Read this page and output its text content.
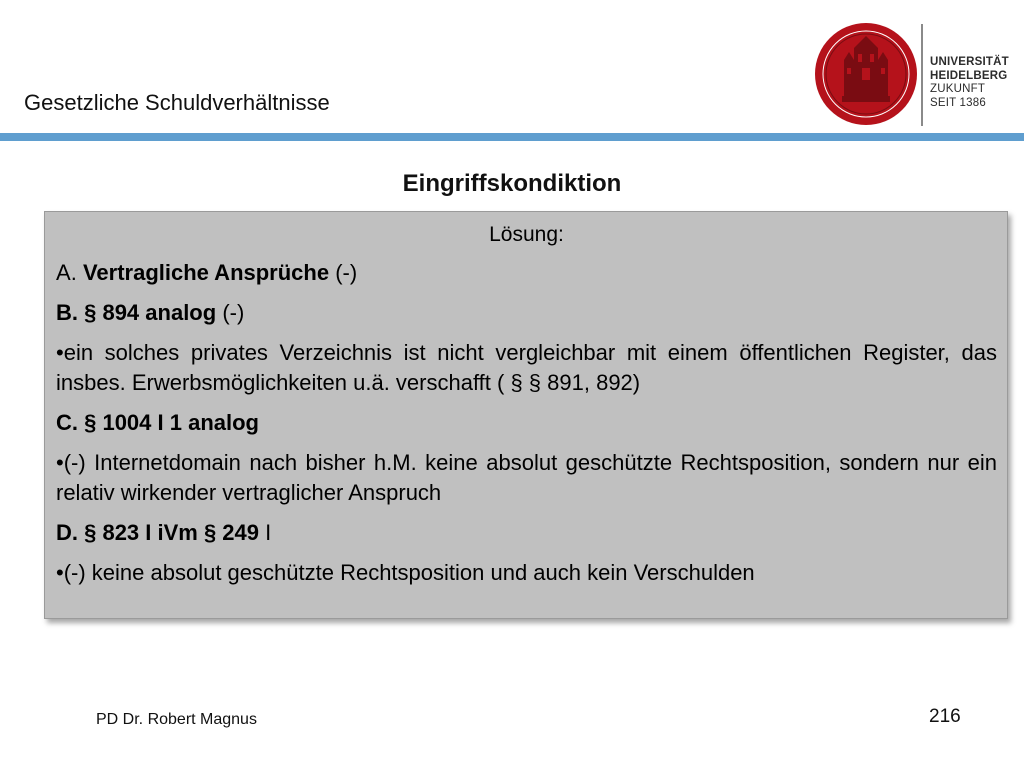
Gesetzliche Schuldverhältnisse
UNIVERSITÄT
HEIDELBERG
ZUKUNFT
SEIT 1386
Eingriffskondiktion
Lösung:
A. Vertragliche Ansprüche (-)
B. § 894 analog (-)
•ein solches privates Verzeichnis ist nicht vergleichbar mit einem öffentlichen Register, das insbes. Erwerbsmöglichkeiten u.ä. verschafft ( § § 891, 892)
C. § 1004 I 1 analog
•(-) Internetdomain nach bisher h.M. keine absolut geschützte Rechtsposition, sondern nur ein relativ wirkender vertraglicher Anspruch
D. § 823 I iVm § 249 I
•(-) keine absolut geschützte Rechtsposition und auch kein Verschulden
PD Dr. Robert Magnus	216
